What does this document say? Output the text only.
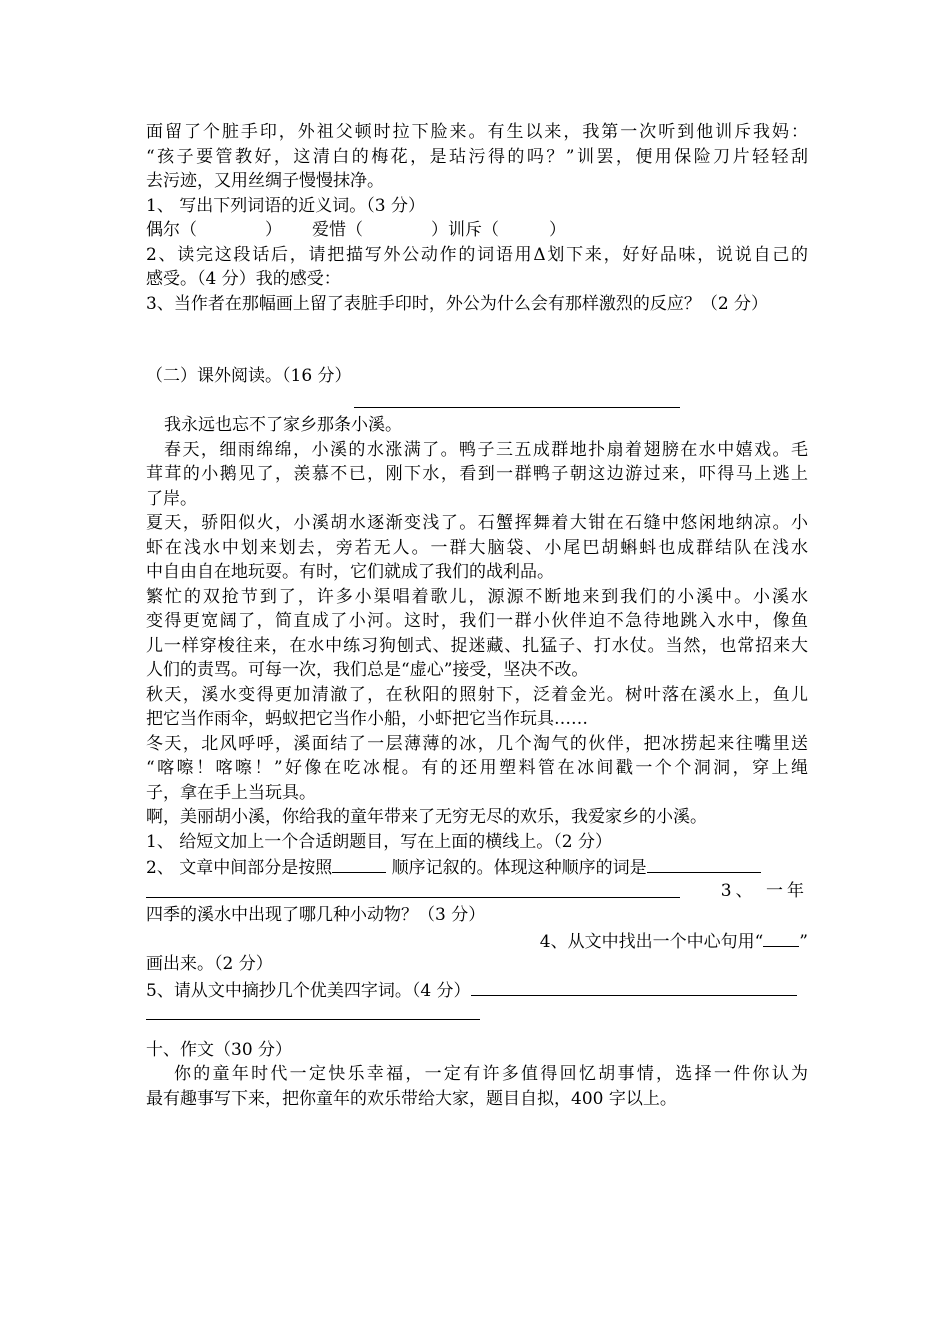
面留了个脏手印，外祖父顿时拉下脸来。有生以来，我第一次听到他训斥我妈：
“孩子要管教好，这清白的梅花，是玷污得的吗？”训罢，便用保险刀片轻轻刮
去污迹，又用丝绸子慢慢抹净。
1、 写出下列词语的近义词。（3 分）
偶尔（	） 爱惜（	）训斥（	）
2、读完这段话后，请把描写外公动作的词语用Δ划下来，好好品味，说说自己的
感受。（4 分）我的感受：
3、当作者在那幅画上留了表脏手印时，外公为什么会有那样激烈的反应？（2 分）
（二）课外阅读。（16 分）
我永远也忘不了家乡那条小溪。
春天，细雨绵绵，小溪的水涨满了。鸭子三五成群地扑扇着翅膀在水中嬉戏。毛
茸茸的小鹅见了，羡慕不已，刚下水，看到一群鸭子朝这边游过来，吓得马上逃上
了岸。
夏天，骄阳似火，小溪胡水逐渐变浅了。石蟹挥舞着大钳在石缝中悠闲地纳凉。小
虾在浅水中划来划去，旁若无人。一群大脑袋、小尾巴胡蝌蚪也成群结队在浅水
中自由自在地玩耍。有时，它们就成了我们的战利品。
繁忙的双抢节到了，许多小渠唱着歌儿，源源不断地来到我们的小溪中。小溪水
变得更宽阔了，简直成了小河。这时，我们一群小伙伴迫不急待地跳入水中，像鱼
儿一样穿梭往来，在水中练习狗刨式、捉迷藏、扎猛子、打水仗。当然，也常招来大
人们的责骂。可每一次，我们总是“虚心”接受，坚决不改。
秋天，溪水变得更加清澈了，在秋阳的照射下，泛着金光。树叶落在溪水上，鱼儿
把它当作雨伞，蚂蚁把它当作小船，小虾把它当作玩具……
冬天，北风呼呼，溪面结了一层薄薄的冰，几个淘气的伙伴，把冰捞起来往嘴里送
“喀嚓！喀嚓！”好像在吃冰棍。有的还用塑料管在冰间戳一个个洞洞，穿上绳
子，拿在手上当玩具。
啊，美丽胡小溪，你给我的童年带来了无穷无尽的欢乐，我爱家乡的小溪。
1、 给短文加上一个合适朗题目，写在上面的横线上。（2 分）
2、 文章中间部分是按照	顺序记叙的。体现这种顺序的词是
3、 一年
四季的溪水中出现了哪几种小动物？（3 分）
4、从文中找出一个中心句用“ ”
画出来。（2 分）
5、请从文中摘抄几个优美四字词。（4 分）
十、作文（30 分）
你的童年时代一定快乐幸福，一定有许多值得回忆胡事情，选择一件你认为
最有趣事写下来，把你童年的欢乐带给大家，题目自拟，400 字以上。
